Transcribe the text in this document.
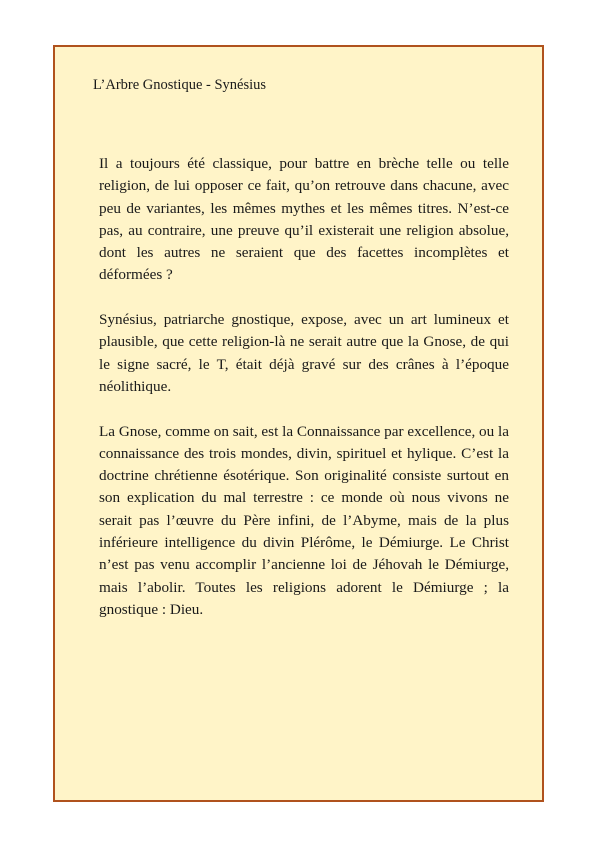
L’Arbre Gnostique - Synésius

Il a toujours été classique, pour battre en brèche telle ou telle religion, de lui opposer ce fait, qu’on retrouve dans chacune, avec peu de variantes, les mêmes mythes et les mêmes titres. N’est-ce pas, au contraire, une preuve qu’il existerait une religion absolue, dont les autres ne seraient que des facettes incomplètes et déformées ?

Synésius, patriarche gnostique, expose, avec un art lumineux et plausible, que cette religion-là ne serait autre que la Gnose, de qui le signe sacré, le T, était déjà gravé sur des crânes à l’époque néolithique.

La Gnose, comme on sait, est la Connaissance par excellence, ou la connaissance des trois mondes, divin, spirituel et hylique. C’est la doctrine chrétienne ésotérique. Son originalité consiste surtout en son explication du mal terrestre : ce monde où nous vivons ne serait pas l’œuvre du Père infini, de l’Abyme, mais de la plus inférieure intelligence du divin Plérôme, le Démiurge. Le Christ n’est pas venu accomplir l’ancienne loi de Jéhovah le Démiurge, mais l’abolir. Toutes les religions adorent le Démiurge ; la gnostique : Dieu.
